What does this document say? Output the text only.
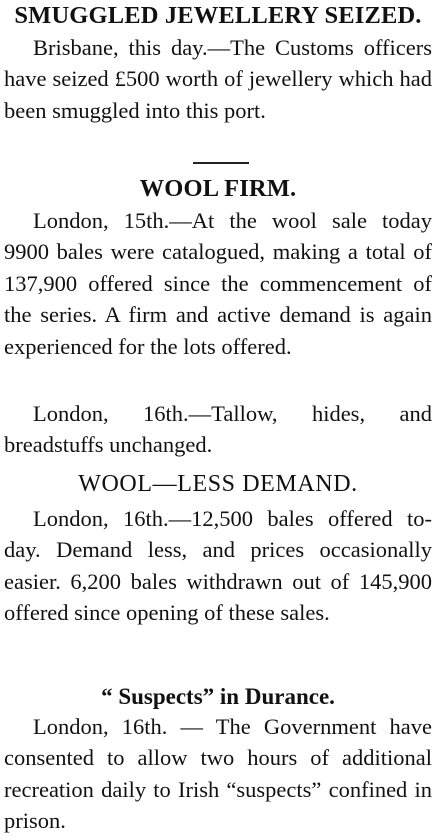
SMUGGLED JEWELLERY SEIZED.

Brisbane, this day.—The Customs officers have seized £500 worth of jewellery which had been smuggled into this port.

WOOL FIRM.

London, 15th.—At the wool sale today 9900 bales were catalogued, making a total of 137,900 offered since the commencement of the series. A firm and active demand is again experienced for the lots offered.

London, 16th.—Tallow, hides, and breadstuffs unchanged.

WOOL—LESS DEMAND.

London, 16th.—12,500 bales offered to-day. Demand less, and prices occasionally easier. 6,200 bales withdrawn out of 145,900 offered since opening of these sales.

“ Suspects” in Durance.

London, 16th. — The Government have consented to allow two hours of additional recreation daily to Irish “suspects” confined in prison.
